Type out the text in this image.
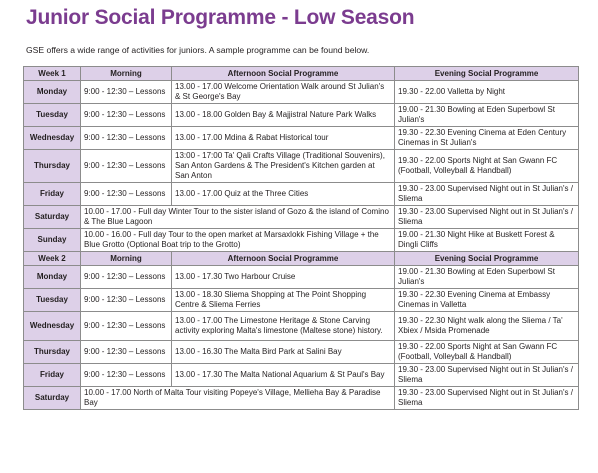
Junior Social Programme - Low Season
GSE offers a wide range of activities for juniors. A sample programme can be found below.
Week 1	Morning	Afternoon Social Programme	Evening Social Programme
Monday	9:00 - 12:30 – Lessons	13.00 - 17.00 Welcome Orientation Walk around St Julian's & St George's Bay	19.30 - 22.00 Valletta by Night
Tuesday	9:00 - 12:30 – Lessons	13.00 - 18.00 Golden Bay & Majjistral Nature Park Walks	19.00 - 21.30 Bowling at Eden Superbowl St Julian's
Wednesday	9:00 - 12:30 – Lessons	13.00 - 17.00 Mdina & Rabat Historical tour	19.30 - 22.30 Evening Cinema at Eden Century Cinemas in St Julian's
Thursday	9:00 - 12:30 – Lessons	13:00 - 17:00 Ta' Qali Crafts Village (Traditional Souvenirs), San Anton Gardens & The President's Kitchen garden at San Anton	19.30 - 22.00 Sports Night at San Gwann FC (Football, Volleyball & Handball)
Friday	9:00 - 12:30 – Lessons	13.00 - 17.00 Quiz at the Three Cities	19.30 - 23.00 Supervised Night out in St Julian's / Sliema
Saturday	10.00 - 17.00 - Full day Winter Tour to the sister island of Gozo & the island of Comino & The Blue Lagoon		19.30 - 23.00 Supervised Night out in St Julian's / Sliema
Sunday	10.00 - 16.00 - Full day Tour to the open market at Marsaxlokk Fishing Village + the Blue Grotto (Optional Boat trip to the Grotto)		19.00 - 21.30 Night Hike at Buskett Forest & Dingli Cliffs
Week 2	Morning	Afternoon Social Programme	Evening Social Programme
Monday	9:00 - 12:30 – Lessons	13.00 - 17.30 Two Harbour Cruise	19.00 - 21.30 Bowling at Eden Superbowl St Julian's
Tuesday	9:00 - 12:30 – Lessons	13.00 - 18.30 Sliema Shopping at The Point Shopping Centre & Sliema Ferries	19.30 - 22.30 Evening Cinema at Embassy Cinemas in Valletta
Wednesday	9:00 - 12:30 – Lessons	13.00 - 17.00 The Limestone Heritage & Stone Carving activity exploring Malta's limestone (Maltese stone) history.	19.30 - 22.30 Night walk along the Sliema / Ta' Xbiex / Msida Promenade
Thursday	9:00 - 12:30 – Lessons	13.00 - 16.30 The Malta Bird Park at Salini Bay	19.30 - 22.00 Sports Night at San Gwann FC (Football, Volleyball & Handball)
Friday	9:00 - 12:30 – Lessons	13.00 - 17.30 The Malta National Aquarium & St Paul's Bay	19.30 - 23.00 Supervised Night out in St Julian's / Sliema
Saturday	10.00 - 17.00 North of Malta Tour visiting Popeye's Village, Mellieha Bay & Paradise Bay		19.30 - 23.00 Supervised Night out in St Julian's / Sliema
